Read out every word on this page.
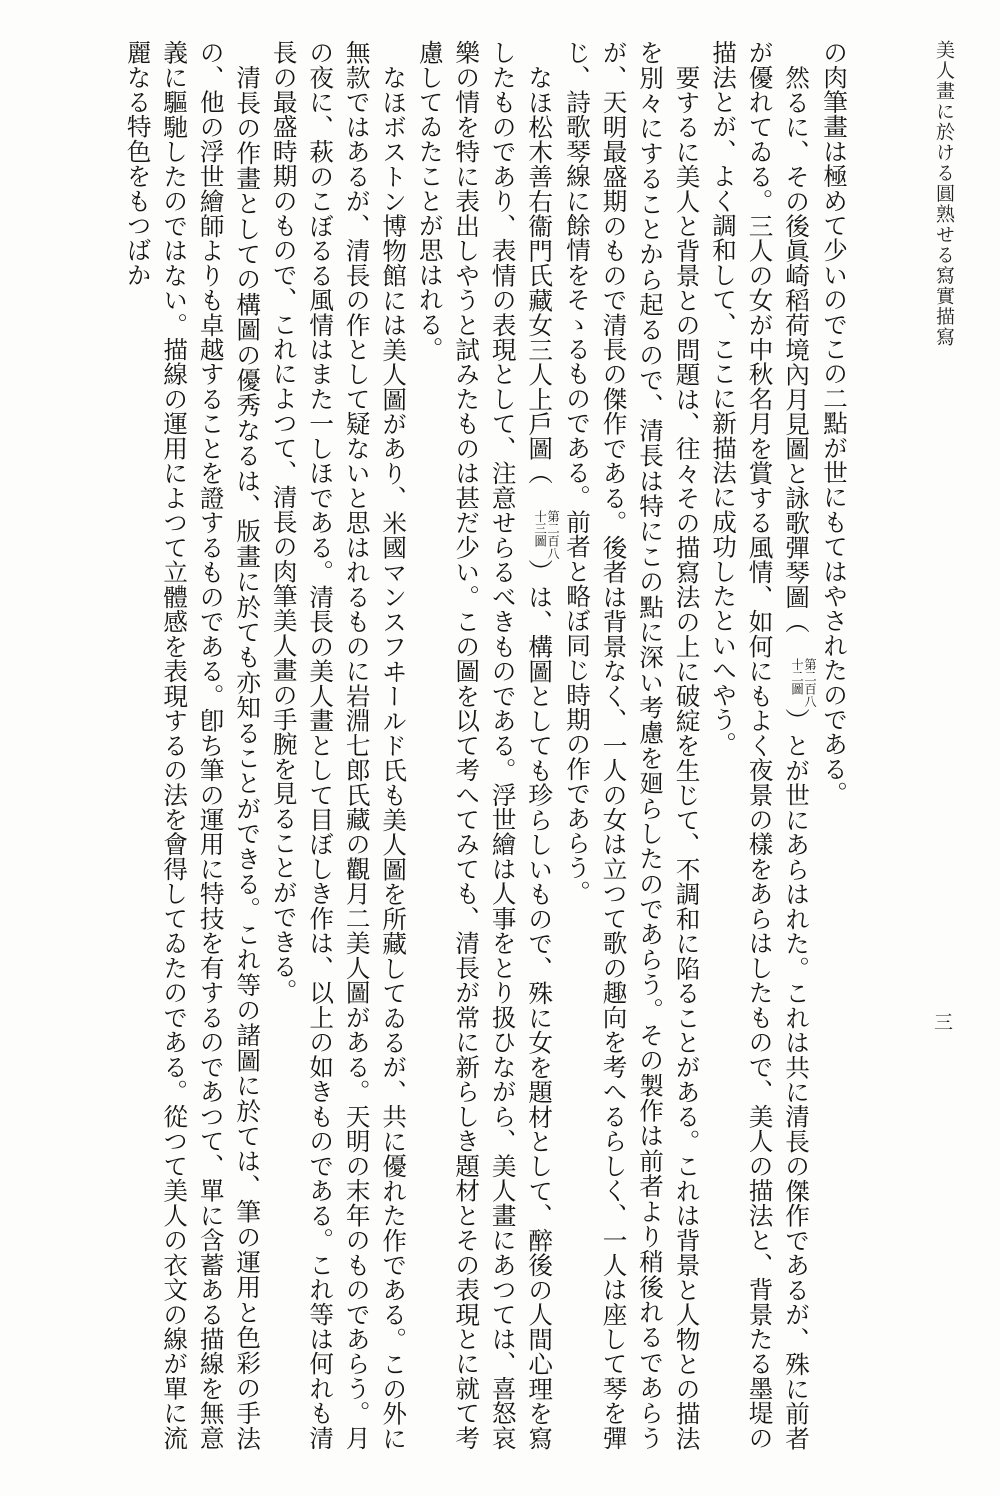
の肉筆畫は極めて少いのでこの二點が世にもてはやされたのである。

然るに、その後眞崎稻荷境內月見圖と詠歌彈琴圖（
第二百八
十二圖
）とが世にあらはれた。これは共に清長の傑作であるが、殊に前者が優れてゐる。三人の女が中秋名月を賞する風情、如何にもよく夜景の樣をあらはしたもので、美人の描法と、背景たる墨堤の描法とが、よく調和して、ここに新描法に成功したといへやう。

要するに美人と背景との問題は、往々その描寫法の上に破綻を生じて、不調和に陷ることがある。これは背景と人物との描法を別々にすることから起るので、清長は特にこの點に深い考慮を廻らしたのであらう。その製作は前者より稍後れるであらうが、天明最盛期のもので清長の傑作である。後者は背景なく、一人の女は立つて歌の趣向を考へるらしく、一人は座して琴を彈じ、詩歌琴線に餘情をそゝるものである。前者と略ぼ同じ時期の作であらう。

なほ松木善右衞門氏藏女三人上戶圖（
第二百八
十三圖
）は、構圖としても珍らしいもので、殊に女を題材として、醉後の人間心理を寫したものであり、表情の表現として、注意せらるべきものである。浮世繪は人事をとり扱ひながら、美人畫にあつては、喜怒哀樂の情を特に表出しやうと試みたものは甚だ少い。この圖を以て考へてみても、清長が常に新らしき題材とその表現とに就て考慮してゐたことが思はれる。

なほボストン博物館には美人圖があり、米國マンスフヰールド氏も美人圖を所藏してゐるが、共に優れた作である。この外に無款ではあるが、清長の作として疑ないと思はれるものに岩淵七郎氏藏の觀月二美人圖がある。天明の末年のものであらう。月の夜に、萩のこぼるる風情はまた一しほである。清長の美人畫として目ぼしき作は、以上の如きものである。これ等は何れも清長の最盛時期のもので、これによつて、清長の肉筆美人畫の手腕を見ることができる。

清長の作畫としての構圖の優秀なるは、版畫に於ても亦知ることができる。これ等の諸圖に於ては、筆の運用と色彩の手法の、他の浮世繪師よりも卓越することを證するものである。卽ち筆の運用に特技を有するのであつて、單に含蓄ある描線を無意義に驅馳したのではない。描線の運用によつて立體感を表現するの法を會得してゐたのである。從つて美人の衣文の線が單に流麗なる特色をもつばか	美人畫に於ける圓熟せる寫實描寫
三
